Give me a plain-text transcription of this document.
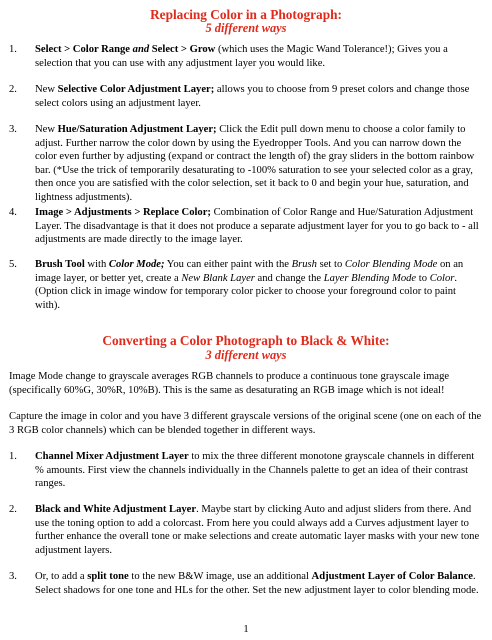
Replacing Color in a Photograph:
5 different ways
1.	Select > Color Range and Select > Grow (which uses the Magic Wand Tolerance!); Gives you a selection that you can use with any adjustment layer you would like.
2.	New Selective Color Adjustment Layer; allows you to choose from 9 preset colors and change those select colors using an adjustment layer.
3.	New Hue/Saturation Adjustment Layer; Click the Edit pull down menu to choose a color family to adjust. Further narrow the color down by using the Eyedropper Tools. And you can narrow down the color even further by adjusting (expand or contract the length of) the gray sliders in the bottom rainbow bar. (*Use the trick of temporarily desaturating to -100% saturation to see your selected color as a gray, then once you are satisfied with the color selection, set it back to 0 and begin your hue, saturation, and lightness adjustments).
4.	Image > Adjustments > Replace Color; Combination of Color Range and Hue/Saturation Adjustment Layer. The disadvantage is that it does not produce a separate adjustment layer for you to go back to - all adjustments are made directly to the image layer.
5.	Brush Tool with Color Mode; You can either paint with the Brush set to Color Blending Mode on an image layer, or better yet, create a New Blank Layer and change the Layer Blending Mode to Color. (Option click in image window for temporary color picker to choose your foreground color to paint with).
Converting a Color Photograph to Black & White:
3 different ways
Image Mode change to grayscale averages RGB channels to produce a continuous tone grayscale image (specifically 60%G, 30%R, 10%B). This is the same as desaturating an RGB image which is not ideal!
Capture the image in color and you have 3 different grayscale versions of the original scene (one on each of the 3 RGB color channels) which can be blended together in different ways.
1.	Channel Mixer Adjustment Layer to mix the three different monotone grayscale channels in different % amounts. First view the channels individually in the Channels palette to get an idea of their contrast ranges.
2.	Black and White Adjustment Layer. Maybe start by clicking Auto and adjust sliders from there. And use the toning option to add a colorcast. From here you could always add a Curves adjustment layer to further enhance the overall tone or make selections and create automatic layer masks with your new tone adjustment layers.
3.	Or, to add a split tone to the new B&W image, use an additional Adjustment Layer of Color Balance. Select shadows for one tone and HLs for the other. Set the new adjustment layer to color blending mode.
1
